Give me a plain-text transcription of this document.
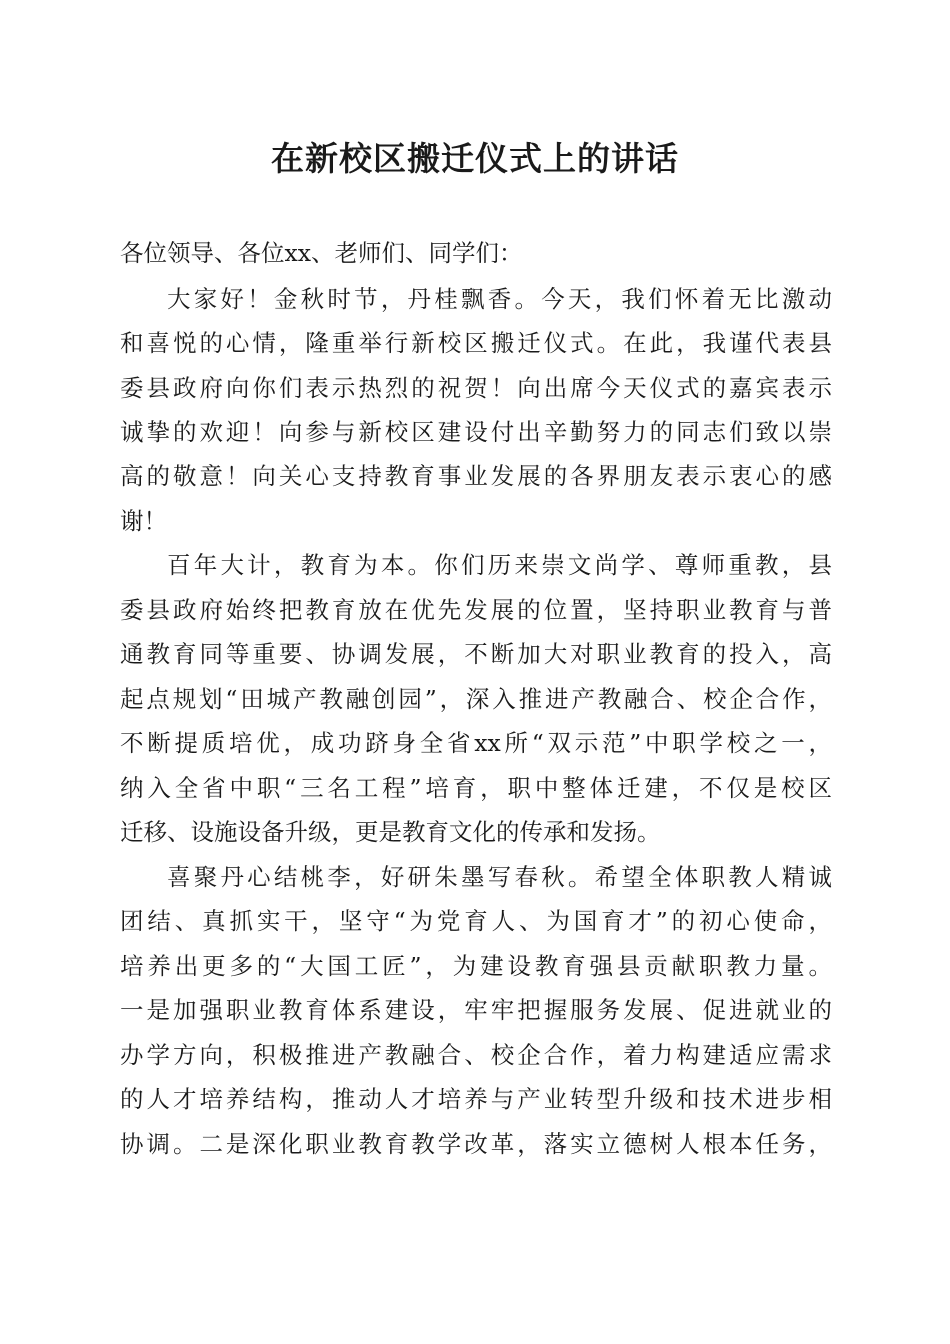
在新校区搬迁仪式上的讲话

各位领导、各位xx、老师们、同学们：

大家好！金秋时节，丹桂飘香。今天，我们怀着无比激动

和喜悦的心情，隆重举行新校区搬迁仪式。在此，我谨代表县

委县政府向你们表示热烈的祝贺！向出席今天仪式的嘉宾表示

诚挚的欢迎！向参与新校区建设付出辛勤努力的同志们致以崇

高的敬意！向关心支持教育事业发展的各界朋友表示衷心的感

谢！

百年大计，教育为本。你们历来崇文尚学、尊师重教，县

委县政府始终把教育放在优先发展的位置，坚持职业教育与普

通教育同等重要、协调发展，不断加大对职业教育的投入，高

起点规划“田城产教融创园”，深入推进产教融合、校企合作，

不断提质培优，成功跻身全省xx所“双示范”中职学校之一，

纳入全省中职“三名工程”培育，职中整体迁建，不仅是校区

迁移、设施设备升级，更是教育文化的传承和发扬。

喜聚丹心结桃李，好研朱墨写春秋。希望全体职教人精诚

团结、真抓实干，坚守“为党育人、为国育才”的初心使命，

培养出更多的“大国工匠”，为建设教育强县贡献职教力量。

一是加强职业教育体系建设，牢牢把握服务发展、促进就业的

办学方向，积极推进产教融合、校企合作，着力构建适应需求

的人才培养结构，推动人才培养与产业转型升级和技术进步相

协调。二是深化职业教育教学改革，落实立德树人根本任务，
